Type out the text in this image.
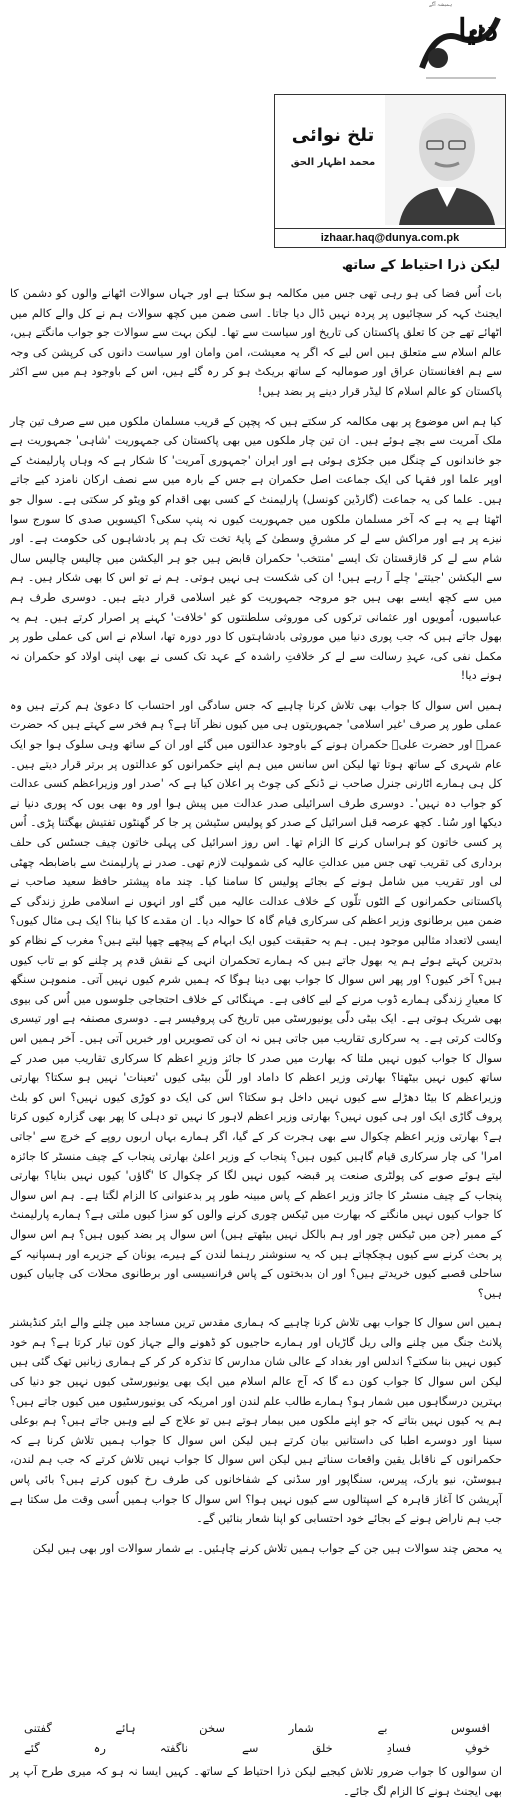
دنیا
ہمیشہ آگے
تلخ نوائی
محمد اظہار الحق
izhaar.haq@dunya.com.pk
لیکن ذرا احتیاط کے ساتھ

بات اُس فضا کی ہو رہی تھی جس میں مکالمہ ہو سکتا ہے اور جہاں سوالات اٹھانے والوں کو دشمن کا ایجنٹ کہہ کر سچائیوں پر پردہ نہیں ڈال دیا جاتا۔ اسی ضمن میں کچھ سوالات ہم نے کل والے کالم میں اٹھائے تھے جن کا تعلق پاکستان کی تاریخ اور سیاست سے تھا۔ لیکن بہت سے سوالات جو جواب مانگتے ہیں، عالم اسلام سے متعلق ہیں اس لیے کہ اگر یہ معیشت، امن وامان اور سیاست دانوں کی کرپشن کی وجہ سے ہم افغانستان عراق اور صومالیہ کے ساتھ بریکٹ ہو کر رہ گئے ہیں، اس کے باوجود ہم میں سے اکثر پاکستان کو عالم اسلام کا لیڈر قرار دینے پر بضد ہیں!

کیا ہم اس موضوع پر بھی مکالمہ کر سکتے ہیں کہ پچپن کے قریب مسلمان ملکوں میں سے صرف تین چار ملک آمریت سے بچے ہوئے ہیں۔ ان تین چار ملکوں میں بھی پاکستان کی جمہوریت 'شاہی' جمہوریت ہے جو خاندانوں کے چنگل میں جکڑی ہوئی ہے اور ایران 'جمہوری آمریت' کا شکار ہے کہ وہاں پارلیمنٹ کے اوپر علما اور فقہا کی ایک جماعت اصل حکمران ہے جس کے بارہ میں سے نصف ارکان نامزد کیے جاتے ہیں۔ علما کی یہ جماعت (گارڈین کونسل) پارلیمنٹ کے کسی بھی اقدام کو ویٹو کر سکتی ہے۔ سوال جو اٹھتا ہے یہ ہے کہ آخر مسلمان ملکوں میں جمہوریت کیوں نہ پنپ سکی؟ اکیسویں صدی کا سورج سوا نیزے پر ہے اور مراکش سے لے کر مشرقِ وسطیٰ کے پایۂ تخت تک ہم پر بادشاہوں کی حکومت ہے۔ اور شام سے لے کر قازقستان تک ایسے 'منتخب' حکمران قابض ہیں جو ہر الیکشن میں چالیس چالیس سال سے الیکشن 'جیتتے' چلے آ رہے ہیں! ان کی شکست ہی نہیں ہوتی۔ ہم نے تو اس کا بھی شکار ہیں۔ ہم میں سے کچھ ایسے بھی ہیں جو مروجہ جمہوریت کو غیر اسلامی قرار دیتے ہیں۔ دوسری طرف ہم عباسیوں، اُمویوں اور عثمانی ترکوں کی موروثی سلطنتوں کو 'خلافت' کہنے پر اصرار کرتے ہیں۔ ہم یہ بھول جاتے ہیں کہ جب پوری دنیا میں موروثی بادشاہتوں کا دور دورہ تھا، اسلام نے اس کی عملی طور پر مکمل نفی کی، عہدِ رسالت سے لے کر خلافتِ راشدہ کے عہد تک کسی نے بھی اپنی اولاد کو حکمران نہ ہونے دیا!

ہمیں اس سوال کا جواب بھی تلاش کرنا چاہیے کہ جس سادگی اور احتساب کا دعویٰ ہم کرتے ہیں وہ عملی طور پر صرف 'غیر اسلامی' جمہوریتوں ہی میں کیوں نظر آتا ہے؟ ہم فخر سے کہتے ہیں کہ حضرت عمرؓ اور حضرت علیؓ حکمران ہونے کے باوجود عدالتوں میں گئے اور ان کے ساتھ وہی سلوک ہوا جو ایک عام شہری کے ساتھ ہوتا تھا لیکن اس سانس میں ہم اپنے حکمرانوں کو عدالتوں پر برتر قرار دیتے ہیں۔ کل ہی ہمارے اٹارنی جنرل صاحب نے ڈنکے کی چوٹ پر اعلان کیا ہے کہ 'صدر اور وزیراعظم کسی عدالت کو جواب دہ نہیں'۔ دوسری طرف اسرائیلی صدر عدالت میں پیش ہوا اور وہ بھی یوں کہ پوری دنیا نے دیکھا اور سُنا۔ کچھ عرصہ قبل اسرائیل کے صدر کو پولیس سٹیشن پر جا کر گھنٹوں تفتیش بھگتنا پڑی۔ اُس پر کسی خاتون کو ہراساں کرنے کا الزام تھا۔ اس روز اسرائیل کی پہلی خاتون چیف جسٹس کی حلف برداری کی تقریب تھی جس میں عدالتِ عالیہ کی شمولیت لازم تھی۔ صدر نے پارلیمنٹ سے باضابطہ چھٹی لی اور تقریب میں شامل ہونے کے بجائے پولیس کا سامنا کیا۔ چند ماہ پیشتر حافظ سعید صاحب نے پاکستانی حکمرانوں کے الٹوں تلّوں کے خلاف عدالت عالیہ میں گئے اور انہوں نے اسلامی طرزِ زندگی کے ضمن میں برطانوی وزیر اعظم کی سرکاری قیام گاہ کا حوالہ دیا۔ ان مقدے کا کیا بنا؟ ایک ہی مثال کیوں؟ ایسی لاتعداد مثالیں موجود ہیں۔ ہم یہ حقیقت کیوں ایک ابہام کے پیچھے چھپا لیتے ہیں؟ مغرب کے نظام کو بدترین کہتے ہوئے ہم یہ بھول جاتے ہیں کہ ہمارے تحکمران انہی کے نقش قدم پر چلنے کو بے تاب کیوں ہیں؟ آخر کیوں؟ اور پھر اس سوال کا جواب بھی دینا ہوگا کہ ہمیں شرم کیوں نہیں آتی۔ منموہن سنگھ کا معیارِ زندگی ہمارے ڈوب مرنے کے لیے کافی ہے۔ مہنگائی کے خلاف احتجاجی جلوسوں میں اُس کی بیوی بھی شریک ہوتی ہے۔ ایک بیٹی دلّی یونیورسٹی میں تاریخ کی پروفیسر ہے۔ دوسری مصنفہ ہے اور تیسری وکالت کرتی ہے۔ یہ سرکاری تقاریب میں جاتی ہیں نہ ان کی تصویریں اور خبریں آتی ہیں۔ آخر ہمیں اس سوال کا جواب کیوں نہیں ملتا کہ بھارت میں صدر کا جائز وزیرِ اعظم کا سرکاری تقاریب میں صدر کے ساتھ کیوں نہیں بیٹھتا؟ بھارتی وزیر اعظم کا داماد اور للّن بیٹی کیوں 'تعینات' نہیں ہو سکتا؟ بھارتی وزیراعظم کا بیٹا دھڑلے سے کیوں نہیں داخل ہو سکتا؟ اس کی ایک دو کوڑی کیوں نہیں؟ اس کو بلٹ پروف گاڑی ایک اور ہی کیوں نہیں؟ بھارتی وزیر اعظم لاہور کا نہیں تو دہلی کا پھر بھی گزارہ کیوں کرتا ہے؟ بھارتی وزیر اعظم چکوال سے بھی ہجرت کر کے گیا، اگر ہمارے بہاں اربوں روپے کے خرچ سے 'جاتی امرا' کی چار سرکاری قیام گاہیں کیوں ہیں؟ پنجاب کے وزیر اعلیٰ بھارتی پنجاب کے چیف منسٹر کا جائزہ لیتے ہوئے صوبے کی پولٹری صنعت پر قبضہ کیوں نہیں لگا کر چکوال کا 'گاؤں' کیوں نہیں بنایا؟ بھارتی پنجاب کے چیف منسٹر کا جائز وزیر اعظم کے پاس مبینہ طور پر بدعنوانی کا الزام لگتا ہے۔ ہم اس سوال کا جواب کیوں نہیں مانگتے کہ بھارت میں ٹیکس چوری کرنے والوں کو سزا کیوں ملتی ہے؟ ہمارے پارلیمنٹ کے ممبر (جن میں ٹیکس چور اور ہم بالکل نہیں بیٹھتے ہیں) اس سوال پر بضد کیوں ہیں؟ ہم اس سوال پر بحث کرنے سے کیوں ہچکچاتے ہیں کہ یہ سنوشنر رہنما لندن کے ہیرے، یونان کے جزیرے اور ہسپانیہ کے ساحلی قصبے کیوں خریدتے ہیں؟ اور ان بدبختوں کے پاس فرانسیسی اور برطانوی محلات کی چابیاں کیوں ہیں؟

ہمیں اس سوال کا جواب بھی تلاش کرنا چاہیے کہ ہماری مقدس ترین مساجد میں چلنے والے ایئر کنڈیشنر پلانٹ جنگ میں چلنے والی ریل گاڑیاں اور ہمارے حاجیوں کو ڈھونے والے جہاز کون تیار کرتا ہے؟ ہم خود کیوں نہیں بنا سکتے؟ اندلس اور بغداد کے عالی شان مدارس کا تذکرہ کر کر کے ہماری زبانیں تھک گئی ہیں لیکن اس سوال کا جواب کون دے گا کہ آج عالم اسلام میں ایک بھی یونیورسٹی کیوں نہیں جو دنیا کی بہترین درسگاہوں میں شمار ہو؟ ہمارے طالب علم لندن اور امریکہ کی یونیورسٹیوں میں کیوں جاتے ہیں؟ ہم یہ کیوں نہیں بتاتے کہ جو اپنے ملکوں میں بیمار ہوتے ہیں تو علاج کے لیے وہیں جاتے ہیں؟ ہم بوعلی سینا اور دوسرے اطبا کی داستانیں بیان کرتے ہیں لیکن اس سوال کا جواب ہمیں تلاش کرنا ہے کہ حکمرانوں کے ناقابل یقین واقعات سناتے ہیں لیکن اس سوال کا جواب نہیں تلاش کرتے کہ جب ہم لندن، ہیوسٹن، نیو یارک، پیرس، سنگاپور اور سڈنی کے شفاخانوں کی طرف رخ کیوں کرتے ہیں؟ بائی پاس آپریشن کا آغاز قاہرہ کے اسپتالوں سے کیوں نہیں ہوا؟ اس سوال کا جواب ہمیں اُسی وقت مل سکتا ہے جب ہم ناراض ہونے کے بجائے خود احتسابی کو اپنا شعار بنائیں گے۔

یہ محض چند سوالات ہیں جن کے جواب ہمیں تلاش کرنے چاہئیں۔ بے شمار سوالات اور بھی ہیں لیکن

افسوس بے شمار سخن ہائے گفتنی
خوفِ فسادِ خلق سے ناگفتہ رہ گئے
ان سوالوں کا جواب ضرور تلاش کیجیے لیکن ذرا احتیاط کے ساتھ۔ کہیں ایسا نہ ہو کہ میری طرح آپ پر بھی ایجنٹ ہونے کا الزام لگ جائے۔
